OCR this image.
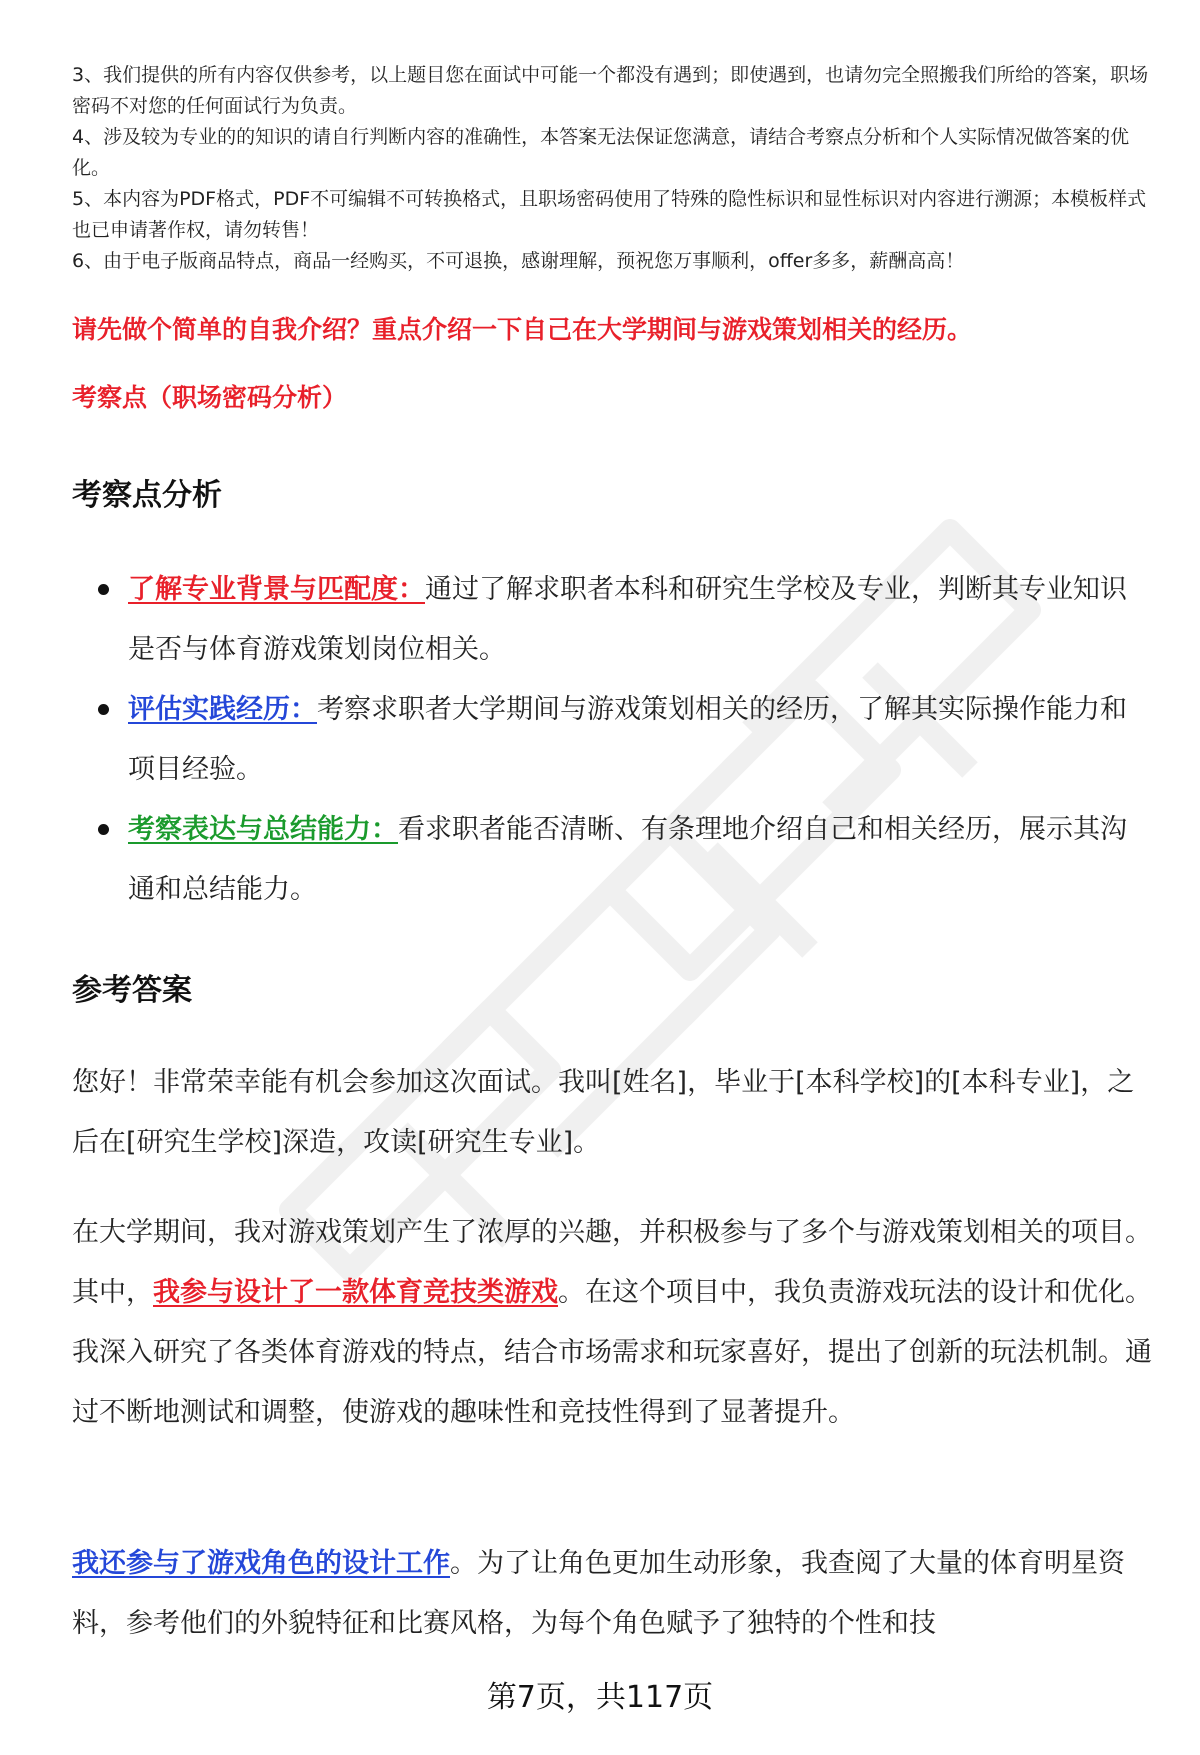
3、我们提供的所有内容仅供参考，以上题目您在面试中可能一个都没有遇到；即使遇到，也请勿完全照搬我们所给的答案，职场密码不对您的任何面试行为负责。

4、涉及较为专业的的知识的请自行判断内容的准确性，本答案无法保证您满意，请结合考察点分析和个人实际情况做答案的优化。

5、本内容为PDF格式，PDF不可编辑不可转换格式，且职场密码使用了特殊的隐性标识和显性标识对内容进行溯源；本模板样式也已申请著作权，请勿转售！

6、由于电子版商品特点，商品一经购买，不可退换，感谢理解，预祝您万事顺利，offer多多，薪酬高高！

请先做个简单的自我介绍？重点介绍一下自己在大学期间与游戏策划相关的经历。

考察点（职场密码分析）

考察点分析
了解专业背景与匹配度：通过了解求职者本科和研究生学校及专业，判断其专业知识是否与体育游戏策划岗位相关。
评估实践经历：考察求职者大学期间与游戏策划相关的经历，了解其实际操作能力和项目经验。
考察表达与总结能力：看求职者能否清晰、有条理地介绍自己和相关经历，展示其沟通和总结能力。
参考答案

您好！非常荣幸能有机会参加这次面试。我叫[姓名]，毕业于[本科学校]的[本科专业]，之后在[研究生学校]深造，攻读[研究生专业]。

在大学期间，我对游戏策划产生了浓厚的兴趣，并积极参与了多个与游戏策划相关的项目。其中，我参与设计了一款体育竞技类游戏。在这个项目中，我负责游戏玩法的设计和优化。我深入研究了各类体育游戏的特点，结合市场需求和玩家喜好，提出了创新的玩法机制。通过不断地测试和调整，使游戏的趣味性和竞技性得到了显著提升。

我还参与了游戏角色的设计工作。为了让角色更加生动形象，我查阅了大量的体育明星资料，参考他们的外貌特征和比赛风格，为每个角色赋予了独特的个性和技

第7页，共117页
